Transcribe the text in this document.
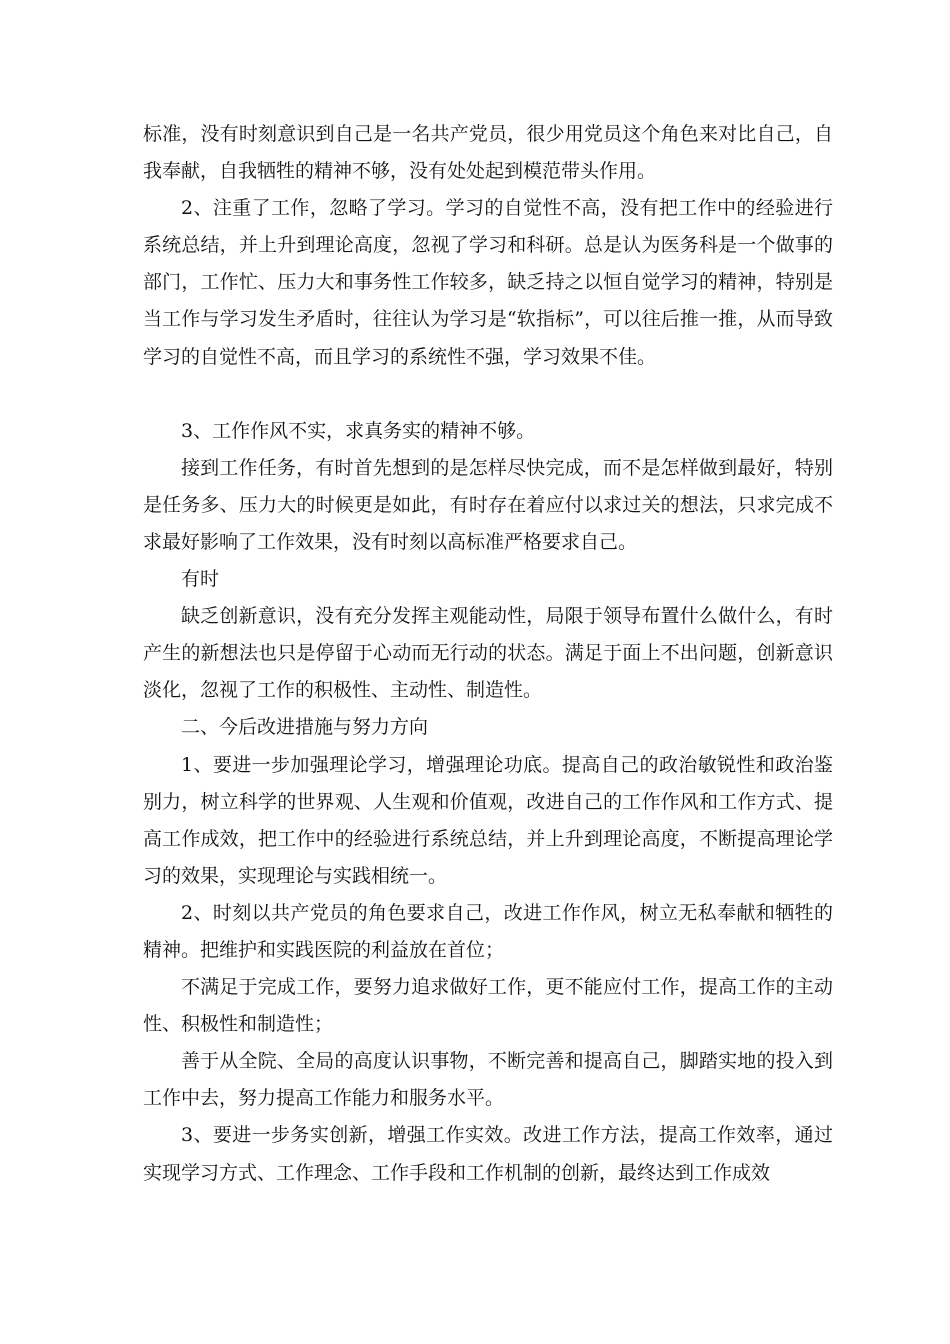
标准，没有时刻意识到自己是一名共产党员，很少用党员这个角色来对比自己，自我奉献，自我牺牲的精神不够，没有处处起到模范带头作用。

2、注重了工作，忽略了学习。学习的自觉性不高，没有把工作中的经验进行系统总结，并上升到理论高度，忽视了学习和科研。总是认为医务科是一个做事的部门，工作忙、压力大和事务性工作较多，缺乏持之以恒自觉学习的精神，特别是当工作与学习发生矛盾时，往往认为学习是“软指标”，可以往后推一推，从而导致学习的自觉性不高，而且学习的系统性不强，学习效果不佳。

3、工作作风不实，求真务实的精神不够。

接到工作任务，有时首先想到的是怎样尽快完成，而不是怎样做到最好，特别是任务多、压力大的时候更是如此，有时存在着应付以求过关的想法，只求完成不求最好影响了工作效果，没有时刻以高标准严格要求自己。

有时

缺乏创新意识，没有充分发挥主观能动性，局限于领导布置什么做什么，有时产生的新想法也只是停留于心动而无行动的状态。满足于面上不出问题，创新意识淡化，忽视了工作的积极性、主动性、制造性。

二、今后改进措施与努力方向

1、要进一步加强理论学习，增强理论功底。提高自己的政治敏锐性和政治鉴别力，树立科学的世界观、人生观和价值观，改进自己的工作作风和工作方式、提高工作成效，把工作中的经验进行系统总结，并上升到理论高度，不断提高理论学习的效果，实现理论与实践相统一。

2、时刻以共产党员的角色要求自己，改进工作作风，树立无私奉献和牺牲的精神。把维护和实践医院的利益放在首位；

不满足于完成工作，要努力追求做好工作，更不能应付工作，提高工作的主动性、积极性和制造性；

善于从全院、全局的高度认识事物，不断完善和提高自己，脚踏实地的投入到工作中去，努力提高工作能力和服务水平。

3、要进一步务实创新，增强工作实效。改进工作方法，提高工作效率，通过实现学习方式、工作理念、工作手段和工作机制的创新，最终达到工作成效
